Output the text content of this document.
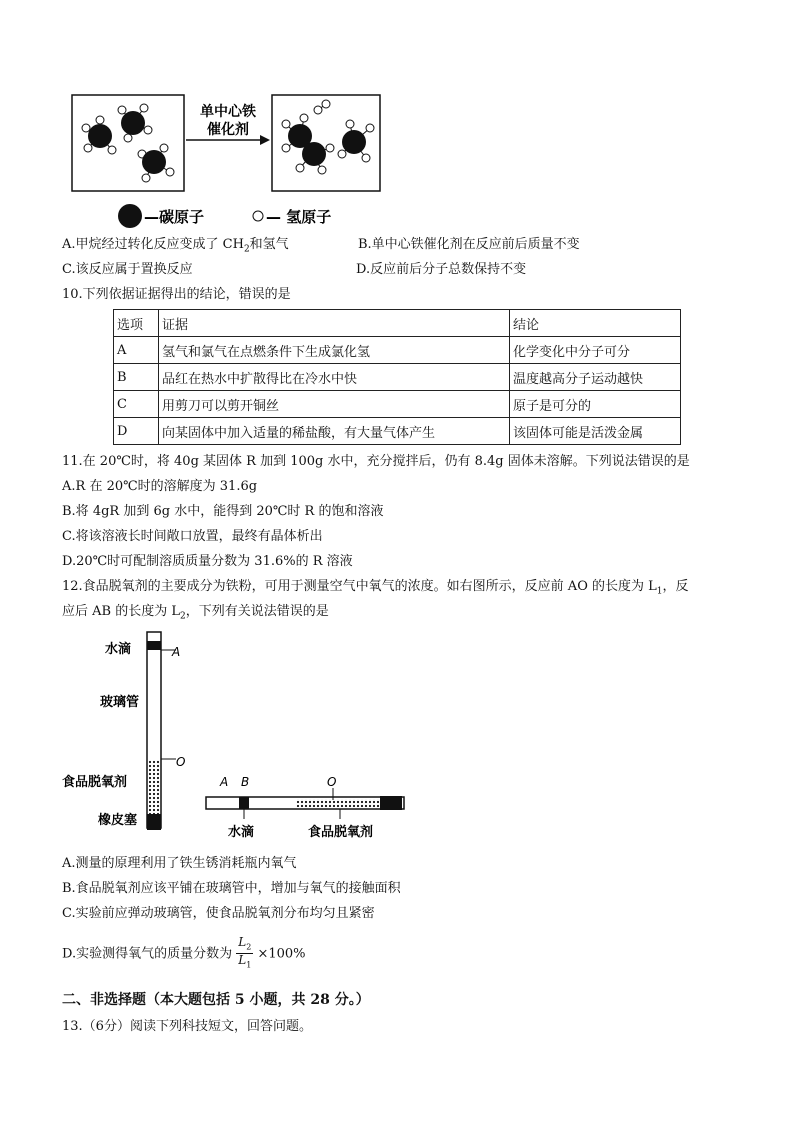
单中心铁
催化剂
—碳原子	— 氢原子
A.甲烷经过转化反应变成了 $CH_2$和氢气	B.单中心铁催化剂在反应前后质量不变
C.该反应属于置换反应	D.反应前后分子总数保持不变
10.下列依据证据得出的结论，错误的是
选项	证据	结论
A	氢气和氯气在点燃条件下生成氯化氢	化学变化中分子可分
B	品红在热水中扩散得比在冷水中快	温度越高分子运动越快
C	用剪刀可以剪开铜丝	原子是可分的
D	向某固体中加入适量的稀盐酸，有大量气体产生	该固体可能是活泼金属
11.在 20℃时，将 40g 某固体 R 加到 100g 水中，充分搅拌后，仍有 8.4g 固体未溶解。下列说法错误的是
A.R 在 20℃时的溶解度为 31.6g
B.将 4gR 加到 6g 水中，能得到 20℃时 R 的饱和溶液
C.将该溶液长时间敞口放置，最终有晶体析出
D.20℃时可配制溶质质量分数为 31.6%的 R 溶液
12.食品脱氧剂的主要成分为铁粉，可用于测量空气中氧气的浓度。如右图所示，反应前 AO 的长度为 $L_1$，反
应后 AB 的长度为 $L_2$，下列有关说法错误的是
水滴	A
玻璃管
O
食品脱氧剂
橡皮塞
A B	O
水滴	食品脱氧剂
A.测量的原理利用了铁生锈消耗瓶内氧气
B.食品脱氧剂应该平铺在玻璃管中，增加与氧气的接触面积
C.实验前应弹动玻璃管，使食品脱氧剂分布均匀且紧密
D.实验测得氧气的质量分数为 $\frac{L_2}{L_1} \times 100\%$
二、非选择题（本大题包括 5 小题，共 28 分。）
13.（6分）阅读下列科技短文，回答问题。
